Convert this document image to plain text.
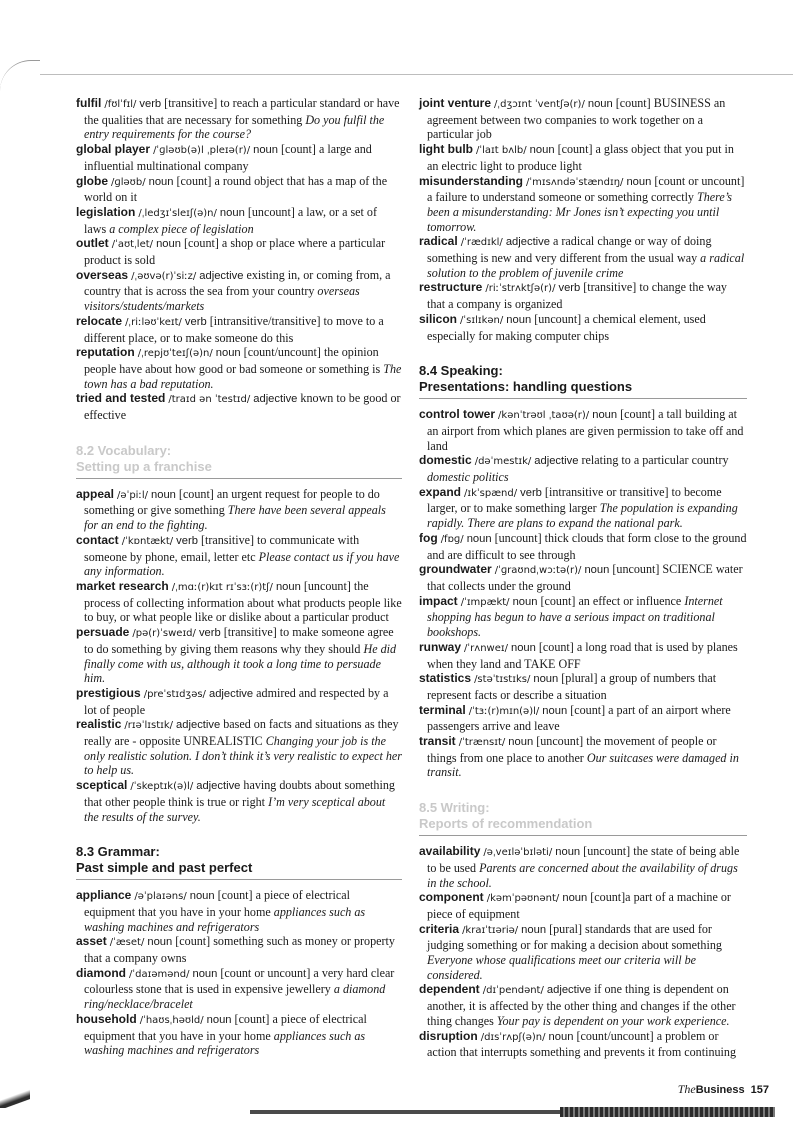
fulfil /fʊlˈfɪl/ verb [transitive] to reach a particular standard or have the qualities that are necessary for something Do you fulfil the entry requirements for the course?

global player /ˈɡləʊb(ə)l ˌpleɪə(r)/ noun [count] a large and influential multinational company

globe /ɡləʊb/ noun [count] a round object that has a map of the world on it

legislation /ˌledʒɪˈsleɪʃ(ə)n/ noun [uncount] a law, or a set of laws a complex piece of legislation

outlet /ˈaʊtˌlet/ noun [count] a shop or place where a particular product is sold

overseas /ˌəʊvə(r)ˈsiːz/ adjective existing in, or coming from, a country that is across the sea from your country overseas visitors/students/markets

relocate /ˌriːləʊˈkeɪt/ verb [intransitive/transitive] to move to a different place, or to make someone do this

reputation /ˌrepjʊˈteɪʃ(ə)n/ noun [count/uncount] the opinion people have about how good or bad someone or something is The town has a bad reputation.

tried and tested /traɪd ən ˈtestɪd/ adjective known to be good or effective

8.2 Vocabulary:
Setting up a franchise

appeal /əˈpiːl/ noun [count] an urgent request for people to do something or give something There have been several appeals for an end to the fighting.

contact /ˈkɒntækt/ verb [transitive] to communicate with someone by phone, email, letter etc Please contact us if you have any information.

market research /ˌmɑː(r)kɪt rɪˈsɜː(r)tʃ/ noun [uncount] the process of collecting information about what products people like to buy, or what people like or dislike about a particular product

persuade /pə(r)ˈsweɪd/ verb [transitive] to make someone agree to do something by giving them reasons why they should He did finally come with us, although it took a long time to persuade him.

prestigious /preˈstɪdʒəs/ adjective admired and respected by a lot of people

realistic /rɪəˈlɪstɪk/ adjective based on facts and situations as they really are - opposite UNREALISTIC Changing your job is the only realistic solution. I don’t think it’s very realistic to expect her to help us.

sceptical /ˈskeptɪk(ə)l/ adjective having doubts about something that other people think is true or right I’m very sceptical about the results of the survey.

8.3 Grammar:
Past simple and past perfect

appliance /əˈplaɪəns/ noun [count] a piece of electrical equipment that you have in your home appliances such as washing machines and refrigerators

asset /ˈæset/ noun [count] something such as money or property that a company owns

diamond /ˈdaɪəmənd/ noun [count or uncount] a very hard clear colourless stone that is used in expensive jewellery a diamond ring/necklace/bracelet

household /ˈhaʊsˌhəʊld/ noun [count] a piece of electrical equipment that you have in your home appliances such as washing machines and refrigerators

joint venture /ˌdʒɔɪnt ˈventʃə(r)/ noun [count] BUSINESS an agreement between two companies to work together on a particular job

light bulb /ˈlaɪt bʌlb/ noun [count] a glass object that you put in an electric light to produce light

misunderstanding /ˈmɪsʌndəˈstændɪŋ/ noun [count or uncount] a failure to understand someone or something correctly There’s been a misunderstanding: Mr Jones isn’t expecting you until tomorrow.

radical /ˈrædɪkl/ adjective a radical change or way of doing something is new and very different from the usual way a radical solution to the problem of juvenile crime

restructure /riːˈstrʌktʃə(r)/ verb [transitive] to change the way that a company is organized

silicon /ˈsɪlɪkən/ noun [uncount] a chemical element, used especially for making computer chips

8.4 Speaking:
Presentations: handling questions

control tower /kənˈtrəʊl ˌtaʊə(r)/ noun [count] a tall building at an airport from which planes are given permission to take off and land

domestic /dəˈmestɪk/ adjective relating to a particular country domestic politics

expand /ɪkˈspænd/ verb [intransitive or transitive] to become larger, or to make something larger The population is expanding rapidly. There are plans to expand the national park.

fog /fɒɡ/ noun [uncount] thick clouds that form close to the ground and are difficult to see through

groundwater /ˈɡraʊndˌwɔːtə(r)/ noun [uncount] SCIENCE water that collects under the ground

impact /ˈɪmpækt/ noun [count] an effect or influence Internet shopping has begun to have a serious impact on traditional bookshops.

runway /ˈrʌnweɪ/ noun [count] a long road that is used by planes when they land and TAKE OFF

statistics /stəˈtɪstɪks/ noun [plural] a group of numbers that represent facts or describe a situation

terminal /ˈtɜː(r)mɪn(ə)l/ noun [count] a part of an airport where passengers arrive and leave

transit /ˈtrænsɪt/ noun [uncount] the movement of people or things from one place to another Our suitcases were damaged in transit.

8.5 Writing:
Reports of recommendation

availability /əˌveɪləˈbɪləti/ noun [uncount] the state of being able to be used Parents are concerned about the availability of drugs in the school.

component /kəmˈpəʊnənt/ noun [count]a part of a machine or piece of equipment

criteria /kraɪˈtɪəriə/ noun [pural] standards that are used for judging something or for making a decision about something Everyone whose qualifications meet our criteria will be considered.

dependent /dɪˈpendənt/ adjective if one thing is dependent on another, it is affected by the other thing and changes if the other thing changes Your pay is dependent on your work experience.

disruption /dɪsˈrʌpʃ(ə)n/ noun [count/uncount] a problem or action that interrupts something and prevents it from continuing

TheBusiness 157
